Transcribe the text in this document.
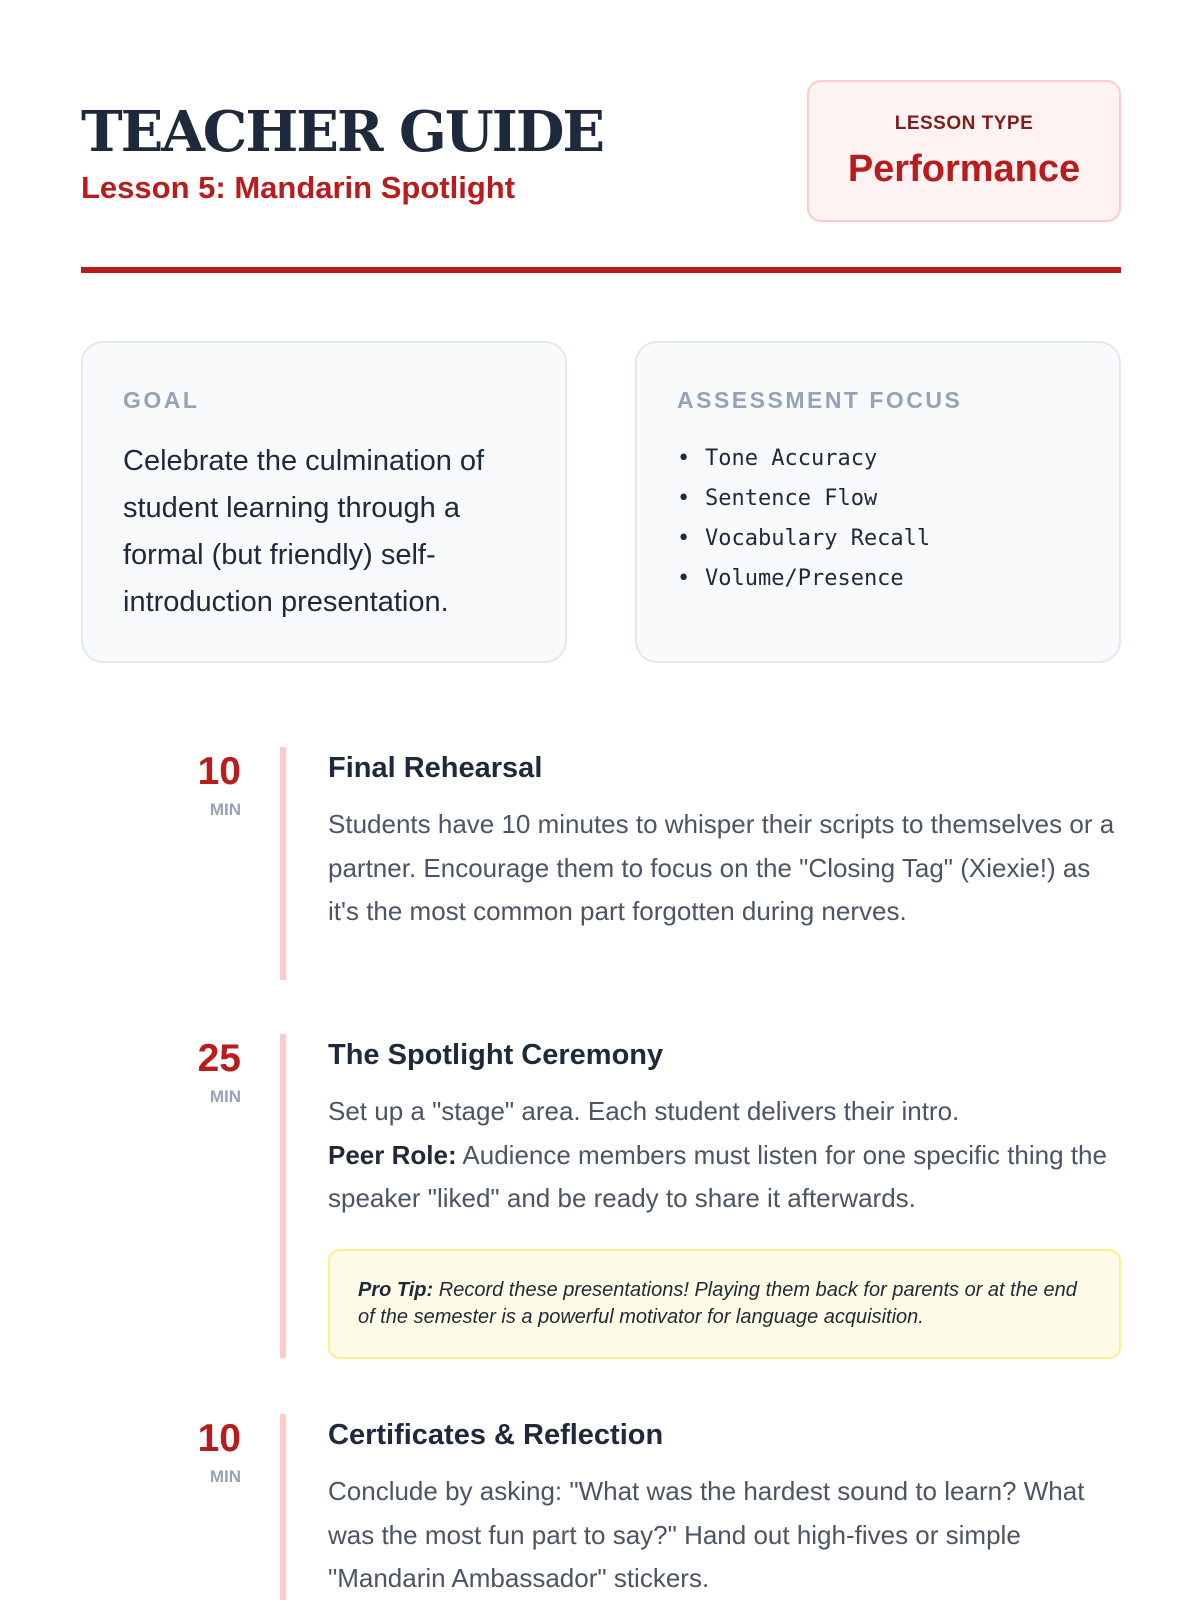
TEACHER GUIDE
Lesson 5: Mandarin Spotlight
LESSON TYPE
Performance
GOAL

Celebrate the culmination of student learning through a formal (but friendly) self-introduction presentation.

ASSESSMENT FOCUS
• Tone Accuracy
• Sentence Flow
• Vocabulary Recall
• Volume/Presence
10
MIN
Final Rehearsal

Students have 10 minutes to whisper their scripts to themselves or a partner. Encourage them to focus on the "Closing Tag" (Xiexie!) as it's the most common part forgotten during nerves.

25
MIN
The Spotlight Ceremony

Set up a "stage" area. Each student delivers their intro.
Peer Role: Audience members must listen for one specific thing the speaker "liked" and be ready to share it afterwards.

Pro Tip: Record these presentations! Playing them back for parents or at the end of the semester is a powerful motivator for language acquisition.
10
MIN
Certificates & Reflection

Conclude by asking: "What was the hardest sound to learn? What was the most fun part to say?" Hand out high-fives or simple "Mandarin Ambassador" stickers.
